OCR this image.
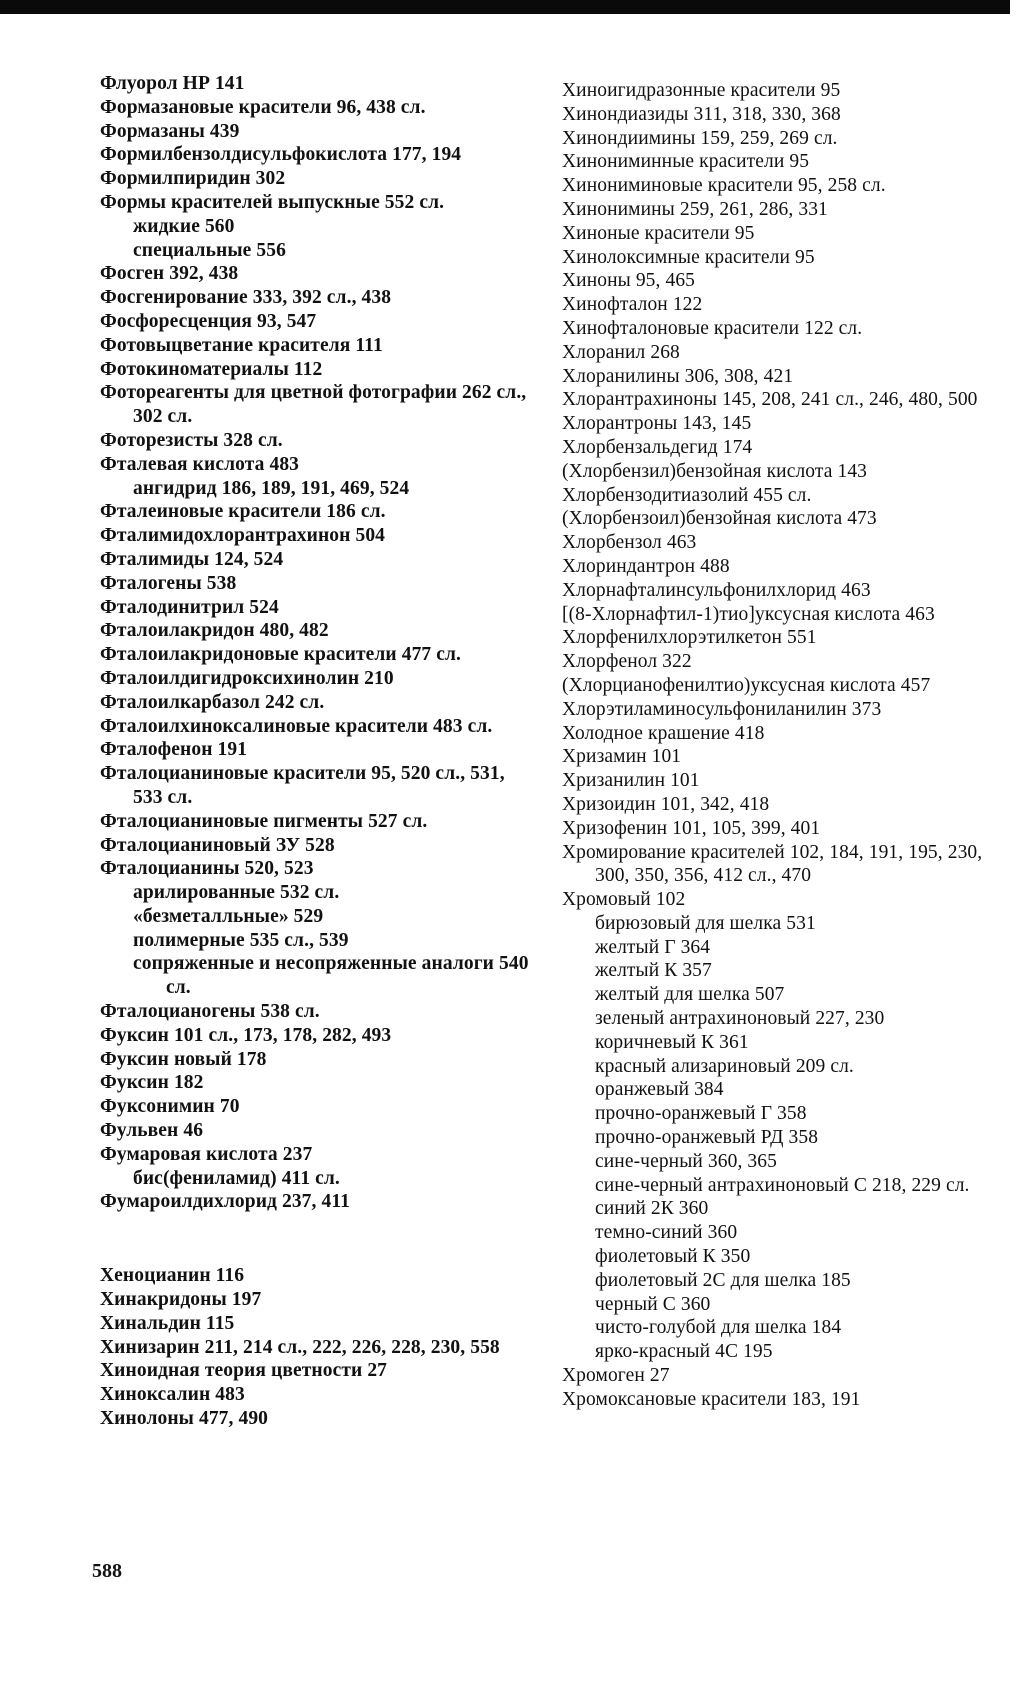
Флуорол НР 141
Формазановые красители 96, 438 сл.
Формазаны 439
Формилбензолдисульфокислота 177, 194
Формилпиридин 302
Формы красителей выпускные 552 сл.
жидкие 560
специальные 556
Фосген 392, 438
Фосгенирование 333, 392 сл., 438
Фосфоресценция 93, 547
Фотовыцветание красителя 111
Фотокиноматериалы 112
Фотореагенты для цветной фотографии 262 сл., 302 сл.
Фоторезисты 328 сл.
Фталевая кислота 483
ангидрид 186, 189, 191, 469, 524
Фталеиновые красители 186 сл.
Фталимидохлорантрахинон 504
Фталимиды 124, 524
Фталогены 538
Фталодинитрил 524
Фталоилакридон 480, 482
Фталоилакридоновые красители 477 сл.
Фталоилдигидроксихинолин 210
Фталоилкарбазол 242 сл.
Фталоилхиноксалиновые красители 483 сл.
Фталофенон 191
Фталоцианиновые красители 95, 520 сл., 531, 533 сл.
Фталоцианиновые пигменты 527 сл.
Фталоцианиновый ЗУ 528
Фталоцианины 520, 523
арилированные 532 сл.
«безметалльные» 529
полимерные 535 сл., 539
сопряженные и несопряженные аналоги 540 сл.
Фталоцианогены 538 сл.
Фуксин 101 сл., 173, 178, 282, 493
Фуксин новый 178
Фуксин 182
Фуксонимин 70
Фульвен 46
Фумаровая кислота 237
бис(фениламид) 411 сл.
Фумароилдихлорид 237, 411
Хеноцианин 116
Хинакридоны 197
Хинальдин 115
Хинизарин 211, 214 сл., 222, 226, 228, 230, 558
Хиноидная теория цветности 27
Хиноксалин 483
Хинолоны 477, 490
Хиноигидразонные красители 95
Хинондиазиды 311, 318, 330, 368
Хинондиимины 159, 259, 269 сл.
Хинониминные красители 95
Хинониминовые красители 95, 258 сл.
Хинонимины 259, 261, 286, 331
Хиноные красители 95
Хинолоксимные красители 95
Хиноны 95, 465
Хинофталон 122
Хинофталоновые красители 122 сл.
Хлоранил 268
Хлоранилины 306, 308, 421
Хлорантрахиноны 145, 208, 241 сл., 246, 480, 500
Хлорантроны 143, 145
Хлорбензальдегид 174
(Хлорбензил)бензойная кислота 143
Хлорбензодитиазолий 455 сл.
(Хлорбензоил)бензойная кислота 473
Хлорбензол 463
Хлориндантрон 488
Хлорнафталинсульфонилхлорид 463
[(8-Хлорнафтил-1)тио]уксусная кислота 463
Хлорфенилхлорэтилкетон 551
Хлорфенол 322
(Хлорцианофенилтио)уксусная кислота 457
Хлорэтиламиносульфониланилин 373
Холодное крашение 418
Хризамин 101
Хризанилин 101
Хризоидин 101, 342, 418
Хризофенин 101, 105, 399, 401
Хромирование красителей 102, 184, 191, 195, 230, 300, 350, 356, 412 сл., 470
Хромовый 102
бирюзовый для шелка 531
желтый Г 364
желтый К 357
желтый для шелка 507
зеленый антрахиноновый 227, 230
коричневый К 361
красный ализариновый 209 сл.
оранжевый 384
прочно-оранжевый Г 358
прочно-оранжевый РД 358
сине-черный 360, 365
сине-черный антрахиноновый С 218, 229 сл.
синий 2К 360
темно-синий 360
фиолетовый К 350
фиолетовый 2С для шелка 185
черный С 360
чисто-голубой для шелка 184
ярко-красный 4С 195
Хромоген 27
Хромоксановые красители 183, 191
588
